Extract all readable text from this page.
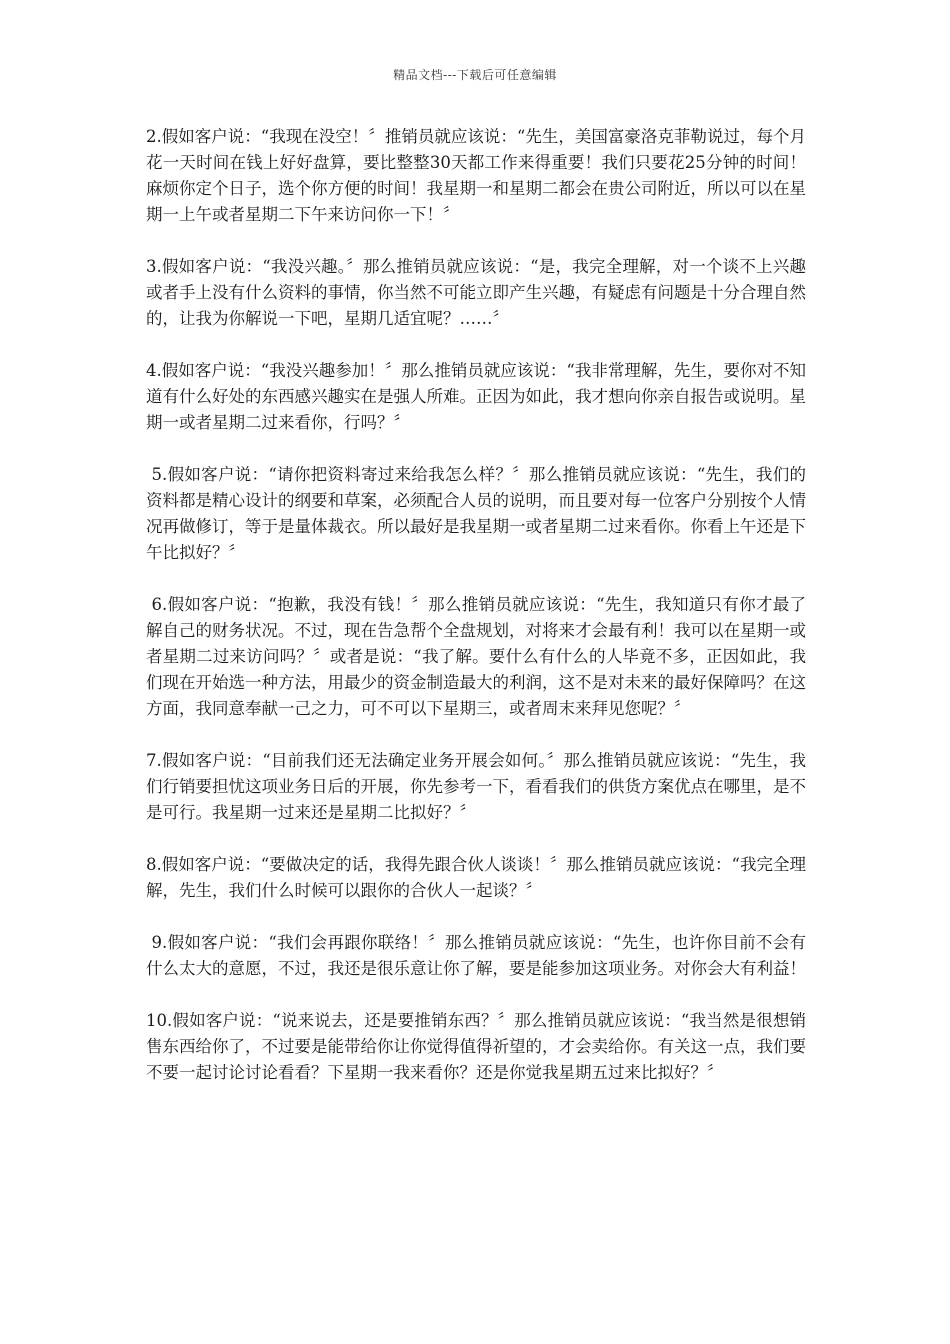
精品文档---下载后可任意编辑

2.假如客户说：“我现在没空！〞推销员就应该说：“先生，美国富豪洛克菲勒说过，每个月花一天时间在钱上好好盘算，要比整整30天都工作来得重要！我们只要花25分钟的时间！麻烦你定个日子，选个你方便的时间！我星期一和星期二都会在贵公司附近，所以可以在星期一上午或者星期二下午来访问你一下！〞

3.假如客户说：“我没兴趣。〞那么推销员就应该说：“是，我完全理解，对一个谈不上兴趣或者手上没有什么资料的事情，你当然不可能立即产生兴趣，有疑虑有问题是十分合理自然的，让我为你解说一下吧，星期几适宜呢？……〞

4.假如客户说：“我没兴趣参加！〞那么推销员就应该说：“我非常理解，先生，要你对不知道有什么好处的东西感兴趣实在是强人所难。正因为如此，我才想向你亲自报告或说明。星期一或者星期二过来看你，行吗？〞

5.假如客户说：“请你把资料寄过来给我怎么样？〞那么推销员就应该说：“先生，我们的资料都是精心设计的纲要和草案，必须配合人员的说明，而且要对每一位客户分别按个人情况再做修订，等于是量体裁衣。所以最好是我星期一或者星期二过来看你。你看上午还是下午比拟好？〞

6.假如客户说：“抱歉，我没有钱！〞那么推销员就应该说：“先生，我知道只有你才最了解自己的财务状况。不过，现在告急帮个全盘规划，对将来才会最有利！我可以在星期一或者星期二过来访问吗？〞或者是说：“我了解。要什么有什么的人毕竟不多，正因如此，我们现在开始选一种方法，用最少的资金制造最大的利润，这不是对未来的最好保障吗？在这方面，我同意奉献一己之力，可不可以下星期三，或者周末来拜见您呢？〞

7.假如客户说：“目前我们还无法确定业务开展会如何。〞那么推销员就应该说：“先生，我们行销要担忧这项业务日后的开展，你先参考一下，看看我们的供货方案优点在哪里，是不是可行。我星期一过来还是星期二比拟好？〞

8.假如客户说：“要做决定的话，我得先跟合伙人谈谈！〞那么推销员就应该说：“我完全理解，先生，我们什么时候可以跟你的合伙人一起谈？〞

9.假如客户说：“我们会再跟你联络！〞那么推销员就应该说：“先生，也许你目前不会有什么太大的意愿，不过，我还是很乐意让你了解，要是能参加这项业务。对你会大有利益！

10.假如客户说：“说来说去，还是要推销东西？〞那么推销员就应该说：“我当然是很想销售东西给你了，不过要是能带给你让你觉得值得祈望的，才会卖给你。有关这一点，我们要不要一起讨论讨论看看？下星期一我来看你？还是你觉我星期五过来比拟好？〞
